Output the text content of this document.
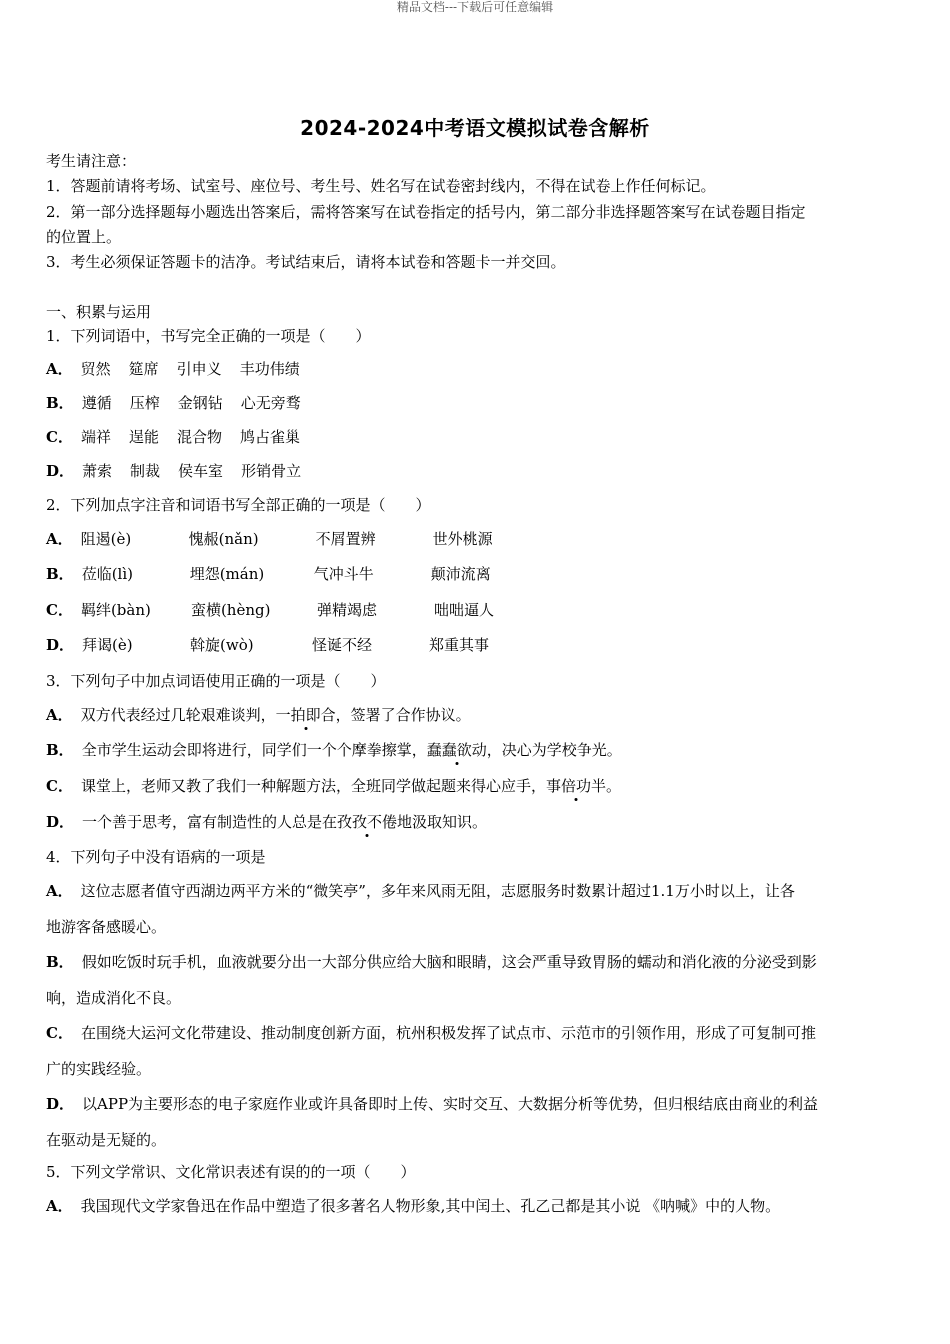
精品文档---下载后可任意编辑
2024-2024中考语文模拟试卷含解析
考生请注意：
1．答题前请将考场、试室号、座位号、考生号、姓名写在试卷密封线内，不得在试卷上作任何标记。
2．第一部分选择题每小题选出答案后，需将答案写在试卷指定的括号内，第二部分非选择题答案写在试卷题目指定
的位置上。
3．考生必须保证答题卡的洁净。考试结束后，请将本试卷和答题卡一并交回。
一、积累与运用
1．下列词语中，书写完全正确的一项是（　　）
A． 贸然 筵席 引申义 丰功伟绩
B． 遵循 压榨 金钢钻 心无旁骛
C． 端祥 逞能 混合物 鸠占雀巢
D． 萧索 制裁 侯车室 形销骨立
2．下列加点字注音和词语书写全部正确的一项是（　　）
A． 阻遏(è)	愧赧(nǎn)	不屑置辨	世外桃源
B． 莅临(lì)	埋怨(mán)	气冲斗牛	颠沛流离
C． 羁绊(bàn)	蛮横(hèng)	弹精竭虑	咄咄逼人
D． 拜谒(è)	斡旋(wò)	怪诞不经	郑重其事
3．下列句子中加点词语使用正确的一项是（　　）
A． 双方代表经过几轮艰难谈判，一拍即合，签署了合作协议。
B． 全市学生运动会即将进行，同学们一个个摩拳擦掌，蠢蠢欲动，决心为学校争光。
C． 课堂上，老师又教了我们一种解题方法，全班同学做起题来得心应手，事倍功半。
D． 一个善于思考，富有制造性的人总是在孜孜不倦地汲取知识。
4．下列句子中没有语病的一项是
A． 这位志愿者值守西湖边两平方米的“微笑亭”，多年来风雨无阻，志愿服务时数累计超过1.1万小时以上，让各
地游客备感暖心。
B． 假如吃饭时玩手机，血液就要分出一大部分供应给大脑和眼睛，这会严重导致胃肠的蠕动和消化液的分泌受到影
响，造成消化不良。
C． 在围绕大运河文化带建设、推动制度创新方面，杭州积极发挥了试点市、示范市的引领作用，形成了可复制可推
广的实践经验。
D． 以APP为主要形态的电子家庭作业或许具备即时上传、实时交互、大数据分析等优势，但归根结底由商业的利益
在驱动是无疑的。
5．下列文学常识、文化常识表述有误的的一项（　　）
A． 我国现代文学家鲁迅在作品中塑造了很多著名人物形象,其中闰土、孔乙己都是其小说 《呐喊》中的人物。
